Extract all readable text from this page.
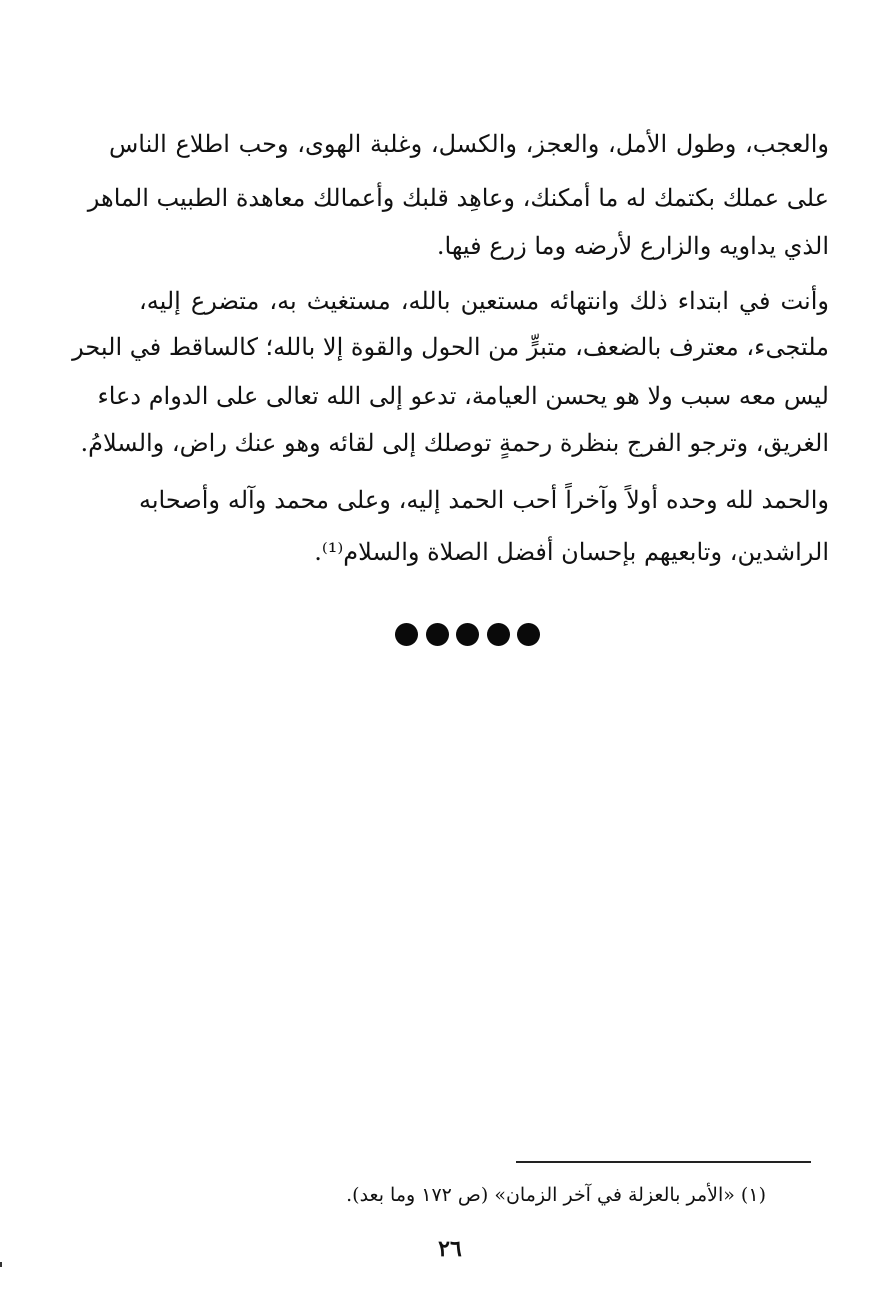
والعجب، وطول الأمل، والعجز، والكسل، وغلبة الهوى، وحب اطلاع الناس
على عملك بكتمك له ما أمكنك، وعاهِد قلبك وأعمالك معاهدة الطبيب الماهر
الذي يداويه والزارع لأرضه وما زرع فيها.
وأنت في ابتداء ذلك وانتهائه مستعين بالله، مستغيث به، متضرع إليه،
ملتجىء، معترف بالضعف، متبرٍّ من الحول والقوة إلا بالله؛ كالساقط في البحر
ليس معه سبب ولا هو يحسن العيامة، تدعو إلى الله تعالى على الدوام دعاء
الغريق، وترجو الفرج بنظرة رحمةٍ توصلك إلى لقائه وهو عنك راض، والسلامُ.
والحمد لله وحده أولاً وآخراً أحب الحمد إليه، وعلى محمد وآله وأصحابه
الراشدين، وتابعيهم بإحسان أفضل الصلاة والسلام⁽¹⁾.
(١) «الأمر بالعزلة في آخر الزمان» (ص ١٧٢ وما بعد).
٢٦
